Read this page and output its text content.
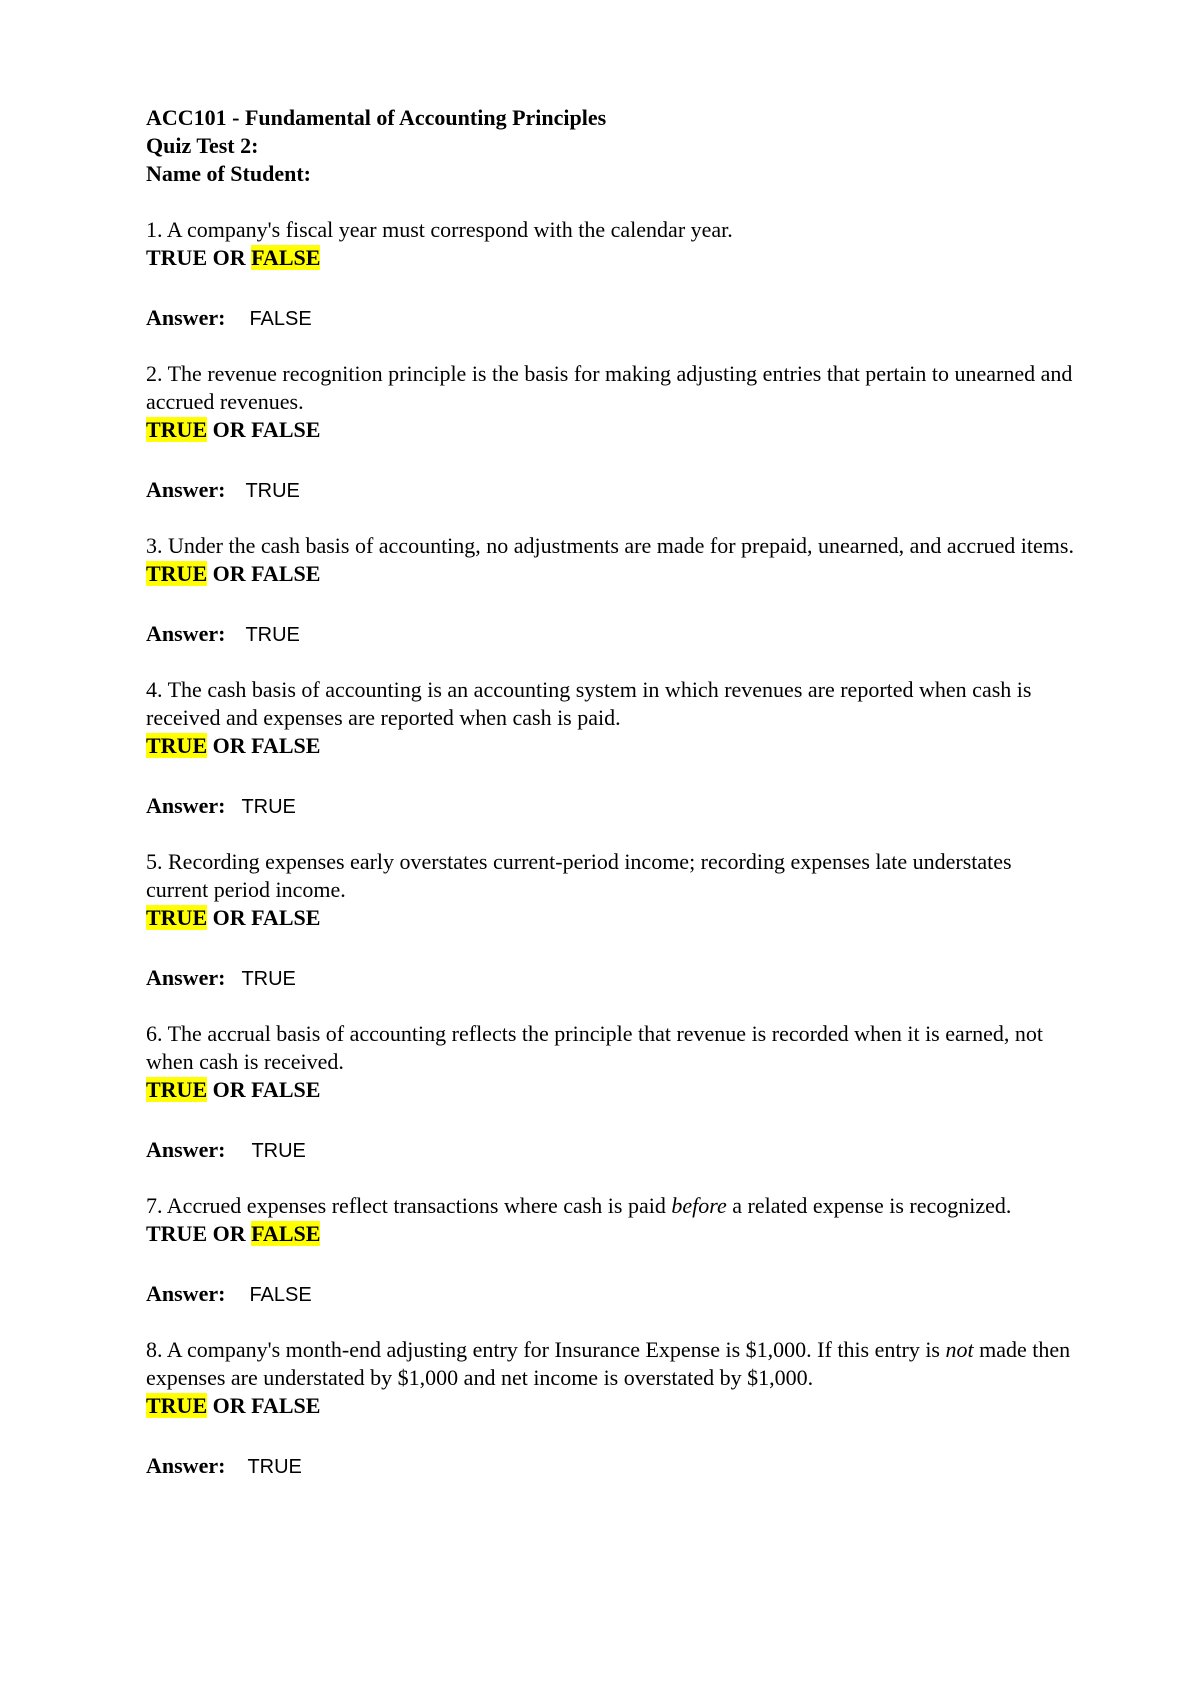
ACC101 - Fundamental of Accounting Principles
Quiz Test 2:
Name of Student:
1. A company's fiscal year must correspond with the calendar year.
TRUE OR FALSE
Answer: FALSE
2. The revenue recognition principle is the basis for making adjusting entries that pertain to unearned and accrued revenues.
TRUE OR FALSE
Answer: TRUE
3. Under the cash basis of accounting, no adjustments are made for prepaid, unearned, and accrued items.
TRUE OR FALSE
Answer: TRUE
4. The cash basis of accounting is an accounting system in which revenues are reported when cash is received and expenses are reported when cash is paid.
TRUE OR FALSE
Answer: TRUE
5. Recording expenses early overstates current-period income; recording expenses late understates current period income.
TRUE OR FALSE
Answer: TRUE
6. The accrual basis of accounting reflects the principle that revenue is recorded when it is earned, not when cash is received.
TRUE OR FALSE
Answer: TRUE
7. Accrued expenses reflect transactions where cash is paid before a related expense is recognized.
TRUE OR FALSE
Answer: FALSE
8. A company's month-end adjusting entry for Insurance Expense is $1,000. If this entry is not made then expenses are understated by $1,000 and net income is overstated by $1,000.
TRUE OR FALSE
Answer: TRUE
